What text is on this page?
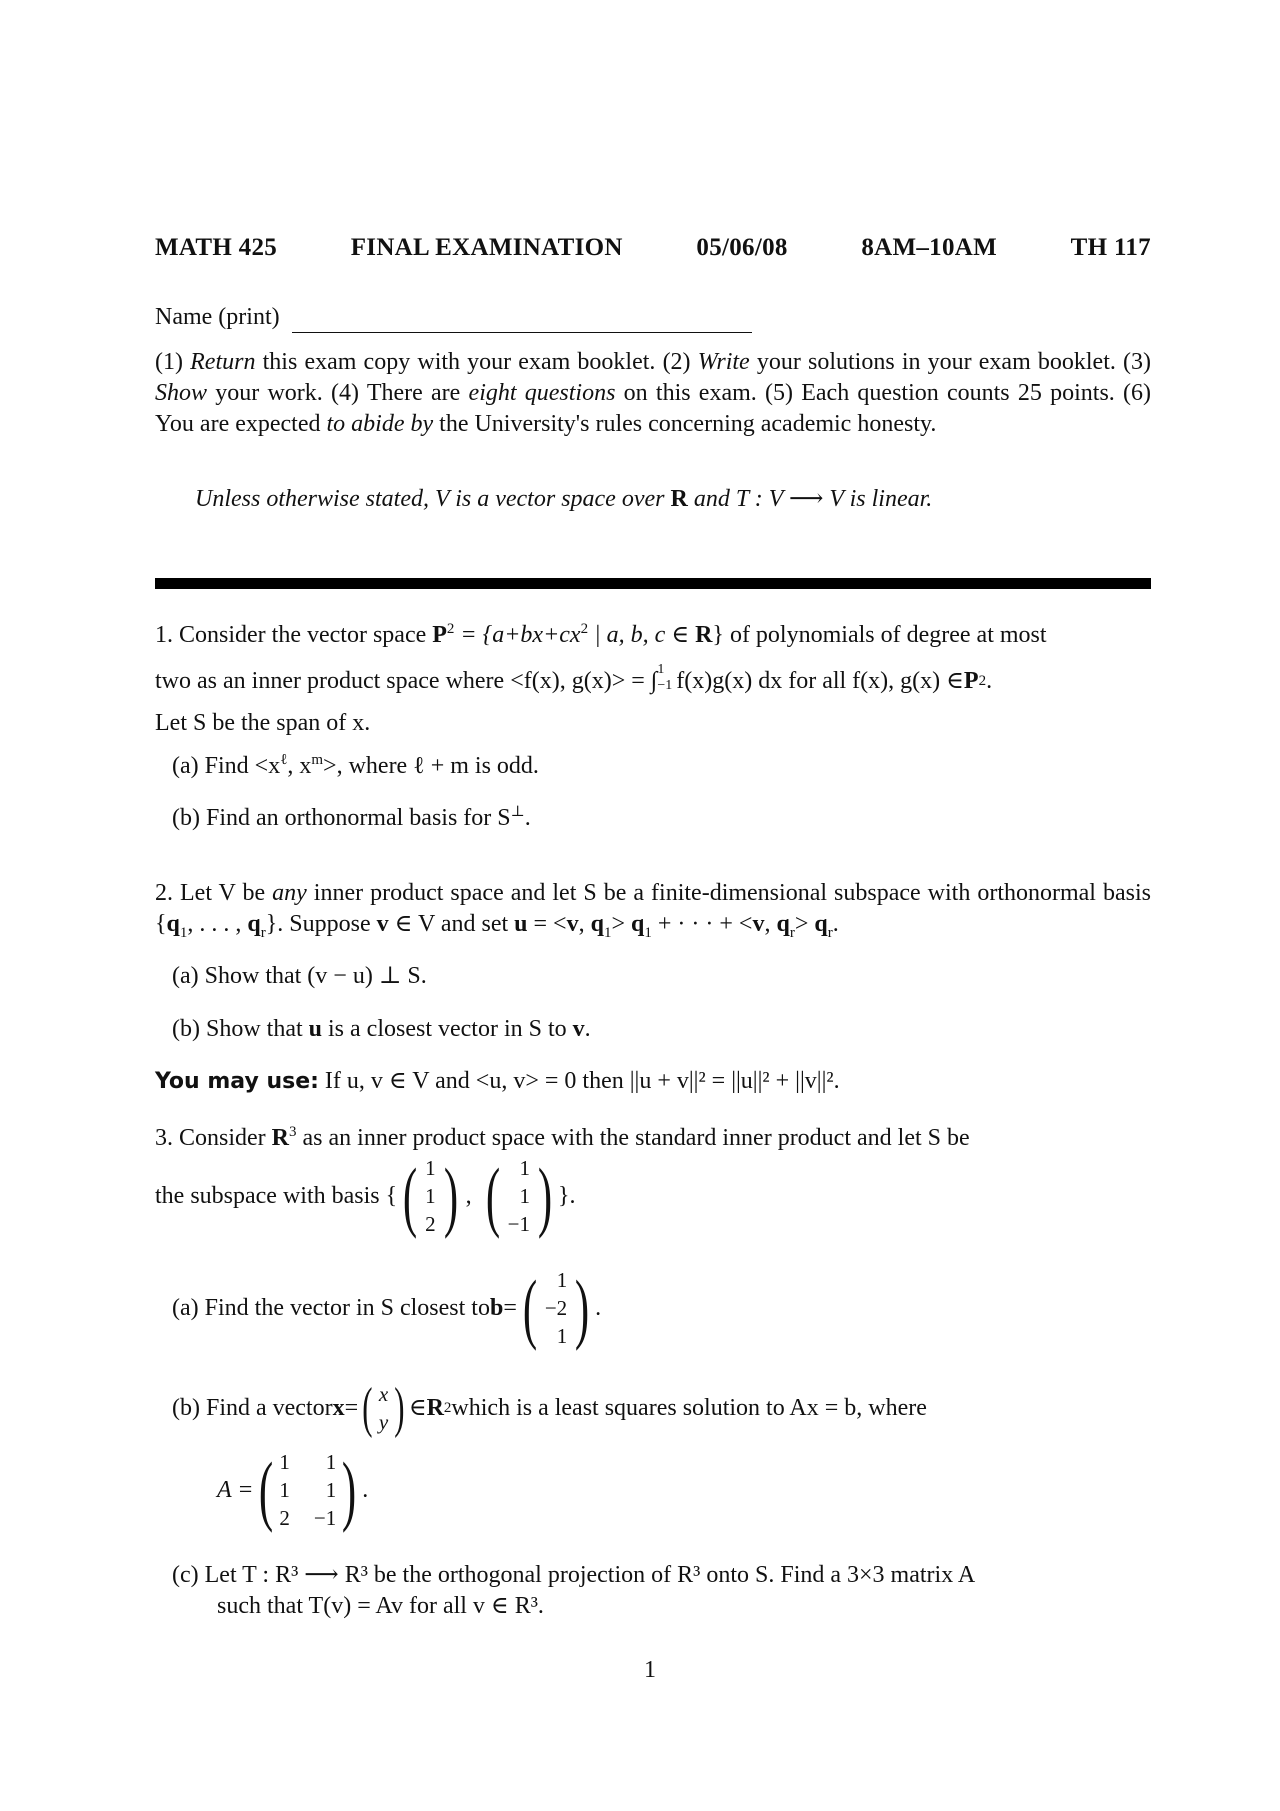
MATH 425	FINAL EXAMINATION	05/06/08	8AM–10AM	TH 117
Name (print)
(1) Return this exam copy with your exam booklet. (2) Write your solutions in your exam booklet. (3) Show your work. (4) There are eight questions on this exam. (5) Each question counts 25 points. (6) You are expected to abide by the University's rules concerning academic honesty.
Unless otherwise stated, V is a vector space over R and T : V ⟶ V is linear.
1. Consider the vector space $P^2 = \{a+bx+cx^2$ | a, b, c ∈ R} of polynomials of degree at most
two as an inner product space where <f(x), g(x)> = ∫ 1
−1 f(x)g(x) dx for all f(x), g(x) ∈ P 2 .
Let S be the span of x.
(a) Find $<x^\ell$, $x^m>$, where ℓ + m is odd.
(b) Find an orthonormal basis for S⊥.
2. Let V be any inner product space and let S be a finite-dimensional subspace with orthonormal basis {$q_1$, . . . , $q_r$}. Suppose v ∈ V and set u = <v, $q_1> q_1$ + · · · + <v, $q_r> q_r$.
(a) Show that (v − u) ⊥ S.
(b) Show that u is a closest vector in S to v.
You may use: If u, v ∈ V and <u, v> = 0 then ||u + v||² = ||u||² + ||v||².
3. Consider $R^3$ as an inner product space with the standard inner product and let S be
the subspace with basis { ( 1
1
2 ) , ( 1
1
−1 ) }.
(a) Find the vector in S closest to b = ( 1
−2
1 ) .
(b) Find a vector x = ( x
y ) ∈ R 2 which is a least squares solution to Ax = b, where
A = ( 1 1
1 1
2 −1 ) .
(c) Let T : R³ ⟶ R³ be the orthogonal projection of R³ onto S. Find a 3×3 matrix A
such that T(v) = Av for all v ∈ R³.
1
